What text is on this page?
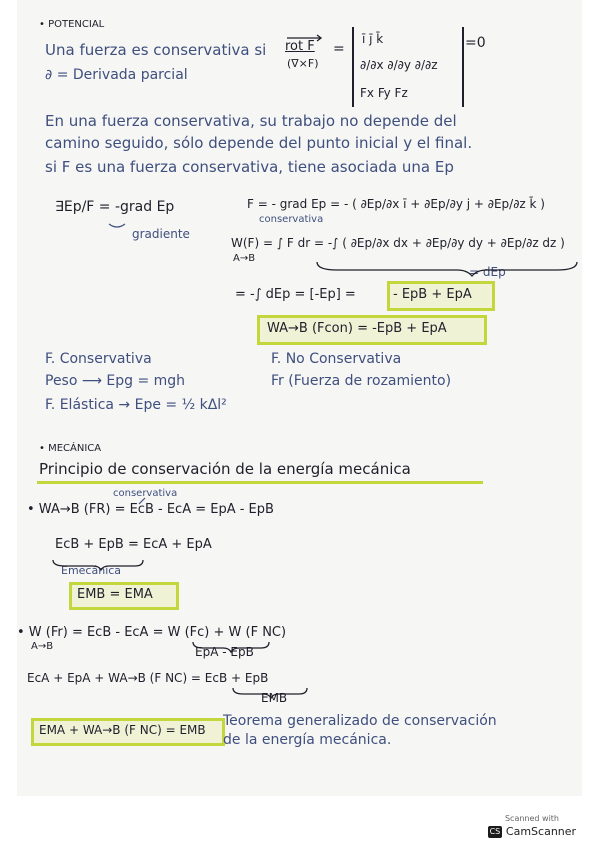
• POTENCIAL
Una fuerza es conservativa si rot F
(∇×F)
=
ī j̄ k̄
∂/∂x ∂/∂y ∂/∂z
Fx Fy Fz
=0
∂ = Derivada parcial
En una fuerza conservativa, su trabajo no depende del
camino seguido, sólo depende del punto inicial y el final.
si F es una fuerza conservativa, tiene asociada una Ep
∃Ep/F = -grad Ep
gradiente
F = - grad Ep = - ( ∂Ep/∂x ī + ∂Ep/∂y j + ∂Ep/∂z k̄ )
conservativa
W(F) = ∫ F dr = -∫ ( ∂Ep/∂x dx + ∂Ep/∂y dy + ∂Ep/∂z dz )
A→B
= dEp
= -∫ dEp = [-Ep] =	- EpB + EpA
WA→B (Fcon) = -EpB + EpA
F. Conservativa
Peso ⟶ Epg = mgh
F. Elástica → Epe = ½ kΔl²
F. No Conservativa
Fr (Fuerza de rozamiento)
• MECÁNICA
Principio de conservación de la energía mecánica
conservativa
• WA→B (FR) = EcB - EcA = EpA - EpB
EcB + EpB = EcA + EpA
Emecánica
EMB = EMA
• W (Fr) = EcB - EcA = W (Fc) + W (F NC)
A→B	EpA - EpB
EcA + EpA + WA→B (F NC) = EcB + EpB
EMB
EMA + WA→B (F NC) = EMB
Teorema generalizado de conservación
de la energía mecánica.
Scanned with
CS CamScanner
